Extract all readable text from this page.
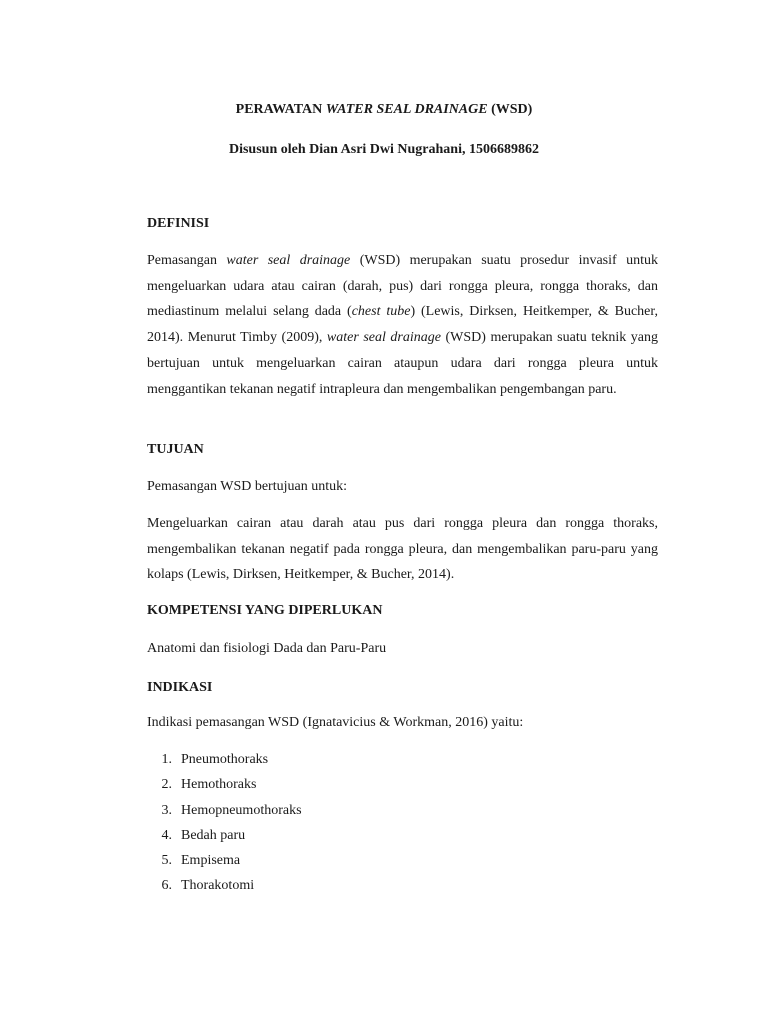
PERAWATAN WATER SEAL DRAINAGE (WSD)
Disusun oleh Dian Asri Dwi Nugrahani, 1506689862
DEFINISI
Pemasangan water seal drainage (WSD) merupakan suatu prosedur invasif untuk mengeluarkan udara atau cairan (darah, pus) dari rongga pleura, rongga thoraks, dan mediastinum melalui selang dada (chest tube) (Lewis, Dirksen, Heitkemper, & Bucher, 2014). Menurut Timby (2009), water seal drainage (WSD) merupakan suatu teknik yang bertujuan untuk mengeluarkan cairan ataupun udara dari rongga pleura untuk menggantikan tekanan negatif intrapleura dan mengembalikan pengembangan paru.
TUJUAN
Pemasangan WSD bertujuan untuk:
Mengeluarkan cairan atau darah atau pus dari rongga pleura dan rongga thoraks, mengembalikan tekanan negatif pada rongga pleura, dan mengembalikan paru-paru yang kolaps (Lewis, Dirksen, Heitkemper, & Bucher, 2014).
KOMPETENSI YANG DIPERLUKAN
Anatomi dan fisiologi Dada dan Paru-Paru
INDIKASI
Indikasi pemasangan WSD (Ignatavicius & Workman, 2016) yaitu:
1. Pneumothoraks
2. Hemothoraks
3. Hemopneumothoraks
4. Bedah paru
5. Empisema
6. Thorakotomi
